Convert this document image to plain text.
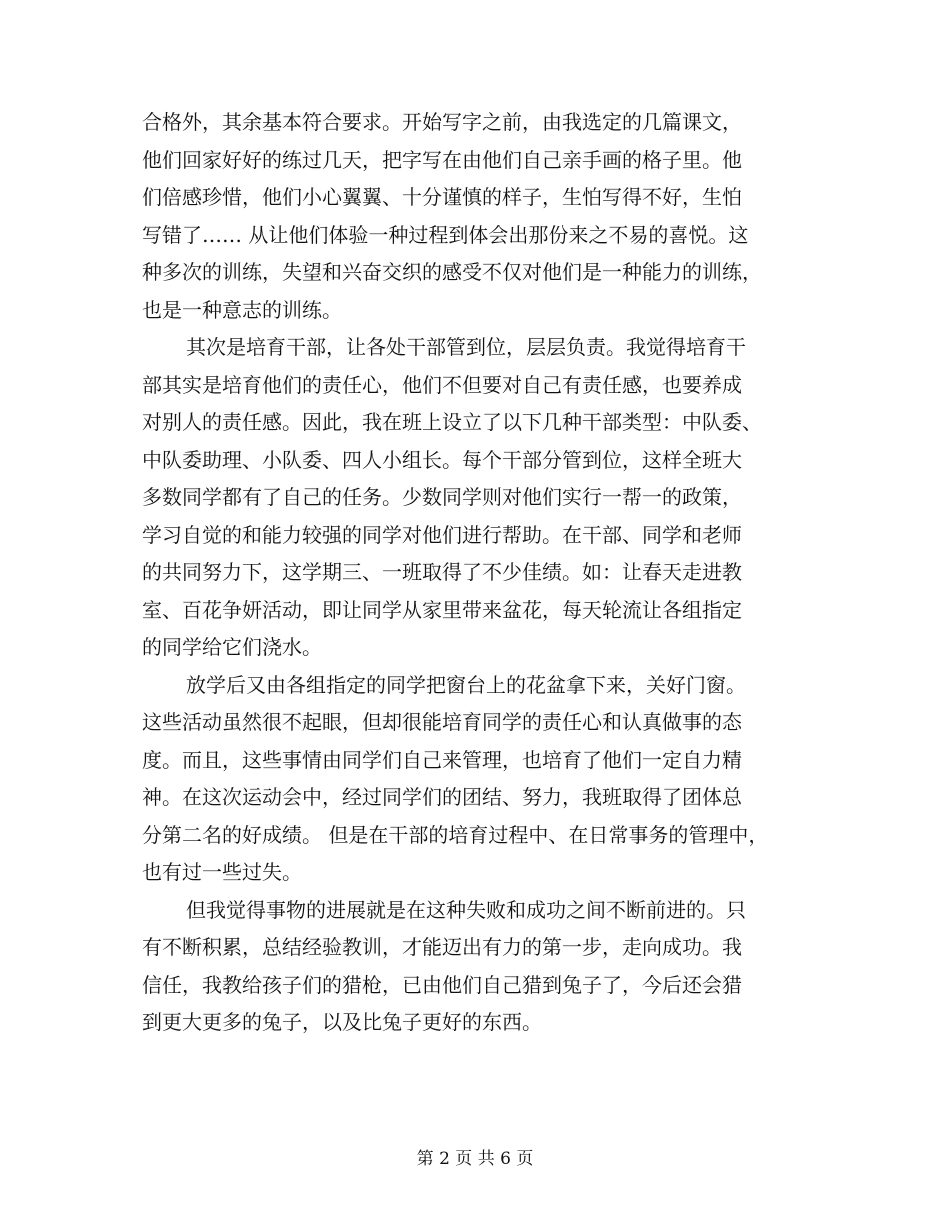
合格外，其余基本符合要求。开始写字之前，由我选定的几篇课文，
他们回家好好的练过几天，把字写在由他们自己亲手画的格子里。他
们倍感珍惜，他们小心翼翼、十分谨慎的样子，生怕写得不好，生怕
写错了…… 从让他们体验一种过程到体会出那份来之不易的喜悦。这
种多次的训练，失望和兴奋交织的感受不仅对他们是一种能力的训练，
也是一种意志的训练。
其次是培育干部，让各处干部管到位，层层负责。我觉得培育干
部其实是培育他们的责任心，他们不但要对自己有责任感，也要养成
对别人的责任感。因此，我在班上设立了以下几种干部类型：中队委、
中队委助理、小队委、四人小组长。每个干部分管到位，这样全班大
多数同学都有了自己的任务。少数同学则对他们实行一帮一的政策，
学习自觉的和能力较强的同学对他们进行帮助。在干部、同学和老师
的共同努力下，这学期三、一班取得了不少佳绩。如：让春天走进教
室、百花争妍活动，即让同学从家里带来盆花，每天轮流让各组指定
的同学给它们浇水。
放学后又由各组指定的同学把窗台上的花盆拿下来，关好门窗。
这些活动虽然很不起眼，但却很能培育同学的责任心和认真做事的态
度。而且，这些事情由同学们自己来管理，也培育了他们一定自力精
神。在这次运动会中，经过同学们的团结、努力，我班取得了团体总
分第二名的好成绩。 但是在干部的培育过程中、在日常事务的管理中，
也有过一些过失。
但我觉得事物的进展就是在这种失败和成功之间不断前进的。只
有不断积累，总结经验教训，才能迈出有力的第一步，走向成功。我
信任，我教给孩子们的猎枪，已由他们自己猎到兔子了，今后还会猎
到更大更多的兔子，以及比兔子更好的东西。
第 2 页 共 6 页
